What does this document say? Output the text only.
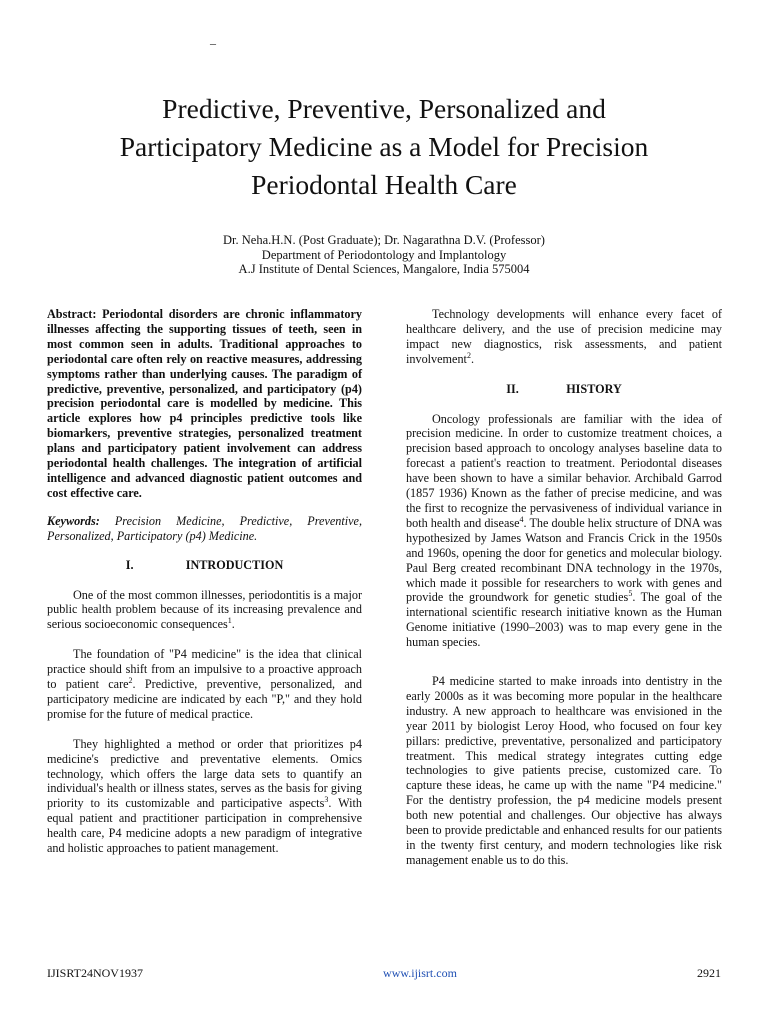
–
Predictive, Preventive, Personalized and
Participatory Medicine as a Model for Precision
Periodontal Health Care
Dr. Neha.H.N. (Post Graduate); Dr. Nagarathna D.V. (Professor)
Department of Periodontology and Implantology
A.J Institute of Dental Sciences, Mangalore, India 575004

Abstract: Periodontal disorders are chronic inflammatory illnesses affecting the supporting tissues of teeth, seen in most common seen in adults. Traditional approaches to periodontal care often rely on reactive measures, addressing symptoms rather than underlying causes. The paradigm of predictive, preventive, personalized, and participatory (p4) precision periodontal care is modelled by medicine. This article explores how p4 principles predictive tools like biomarkers, preventive strategies, personalized treatment plans and participatory patient involvement can address periodontal health challenges. The integration of artificial intelligence and advanced diagnostic patient outcomes and cost effective care.

Keywords: Precision Medicine, Predictive, Preventive, Personalized, Participatory (p4) Medicine.

I.	INTRODUCTION

One of the most common illnesses, periodontitis is a major public health problem because of its increasing prevalence and serious socioeconomic consequences$^1$.

The foundation of "P4 medicine" is the idea that clinical practice should shift from an impulsive to a proactive approach to patient care$^2$. Predictive, preventive, personalized, and participatory medicine are indicated by each "P," and they hold promise for the future of medical practice.

They highlighted a method or order that prioritizes p4 medicine's predictive and preventative elements. Omics technology, which offers the large data sets to quantify an individual's health or illness states, serves as the basis for giving priority to its customizable and participative aspects$^3$. With equal patient and practitioner participation in comprehensive health care, P4 medicine adopts a new paradigm of integrative and holistic approaches to patient management.

Technology developments will enhance every facet of healthcare delivery, and the use of precision medicine may impact new diagnostics, risk assessments, and patient involvement$^2$.

II.	HISTORY

Oncology professionals are familiar with the idea of precision medicine. In order to customize treatment choices, a precision based approach to oncology analyses baseline data to forecast a patient's reaction to treatment. Periodontal diseases have been shown to have a similar behavior. Archibald Garrod (1857 1936) Known as the father of precise medicine, and was the first to recognize the pervasiveness of individual variance in both health and disease$^4$. The double helix structure of DNA was hypothesized by James Watson and Francis Crick in the 1950s and 1960s, opening the door for genetics and molecular biology. Paul Berg created recombinant DNA technology in the 1970s, which made it possible for researchers to work with genes and provide the groundwork for genetic studies$^5$. The goal of the international scientific research initiative known as the Human Genome initiative (1990–2003) was to map every gene in the human species.

P4 medicine started to make inroads into dentistry in the early 2000s as it was becoming more popular in the healthcare industry. A new approach to healthcare was envisioned in the year 2011 by biologist Leroy Hood, who focused on four key pillars: predictive, preventative, personalized and participatory treatment. This medical strategy integrates cutting edge technologies to give patients precise, customized care. To capture these ideas, he came up with the name "P4 medicine." For the dentistry profession, the p4 medicine models present both new potential and challenges. Our objective has always been to provide predictable and enhanced results for our patients in the twenty first century, and modern technologies like risk management enable us to do this.

IJISRT24NOV1937	www.ijisrt.com	2921
